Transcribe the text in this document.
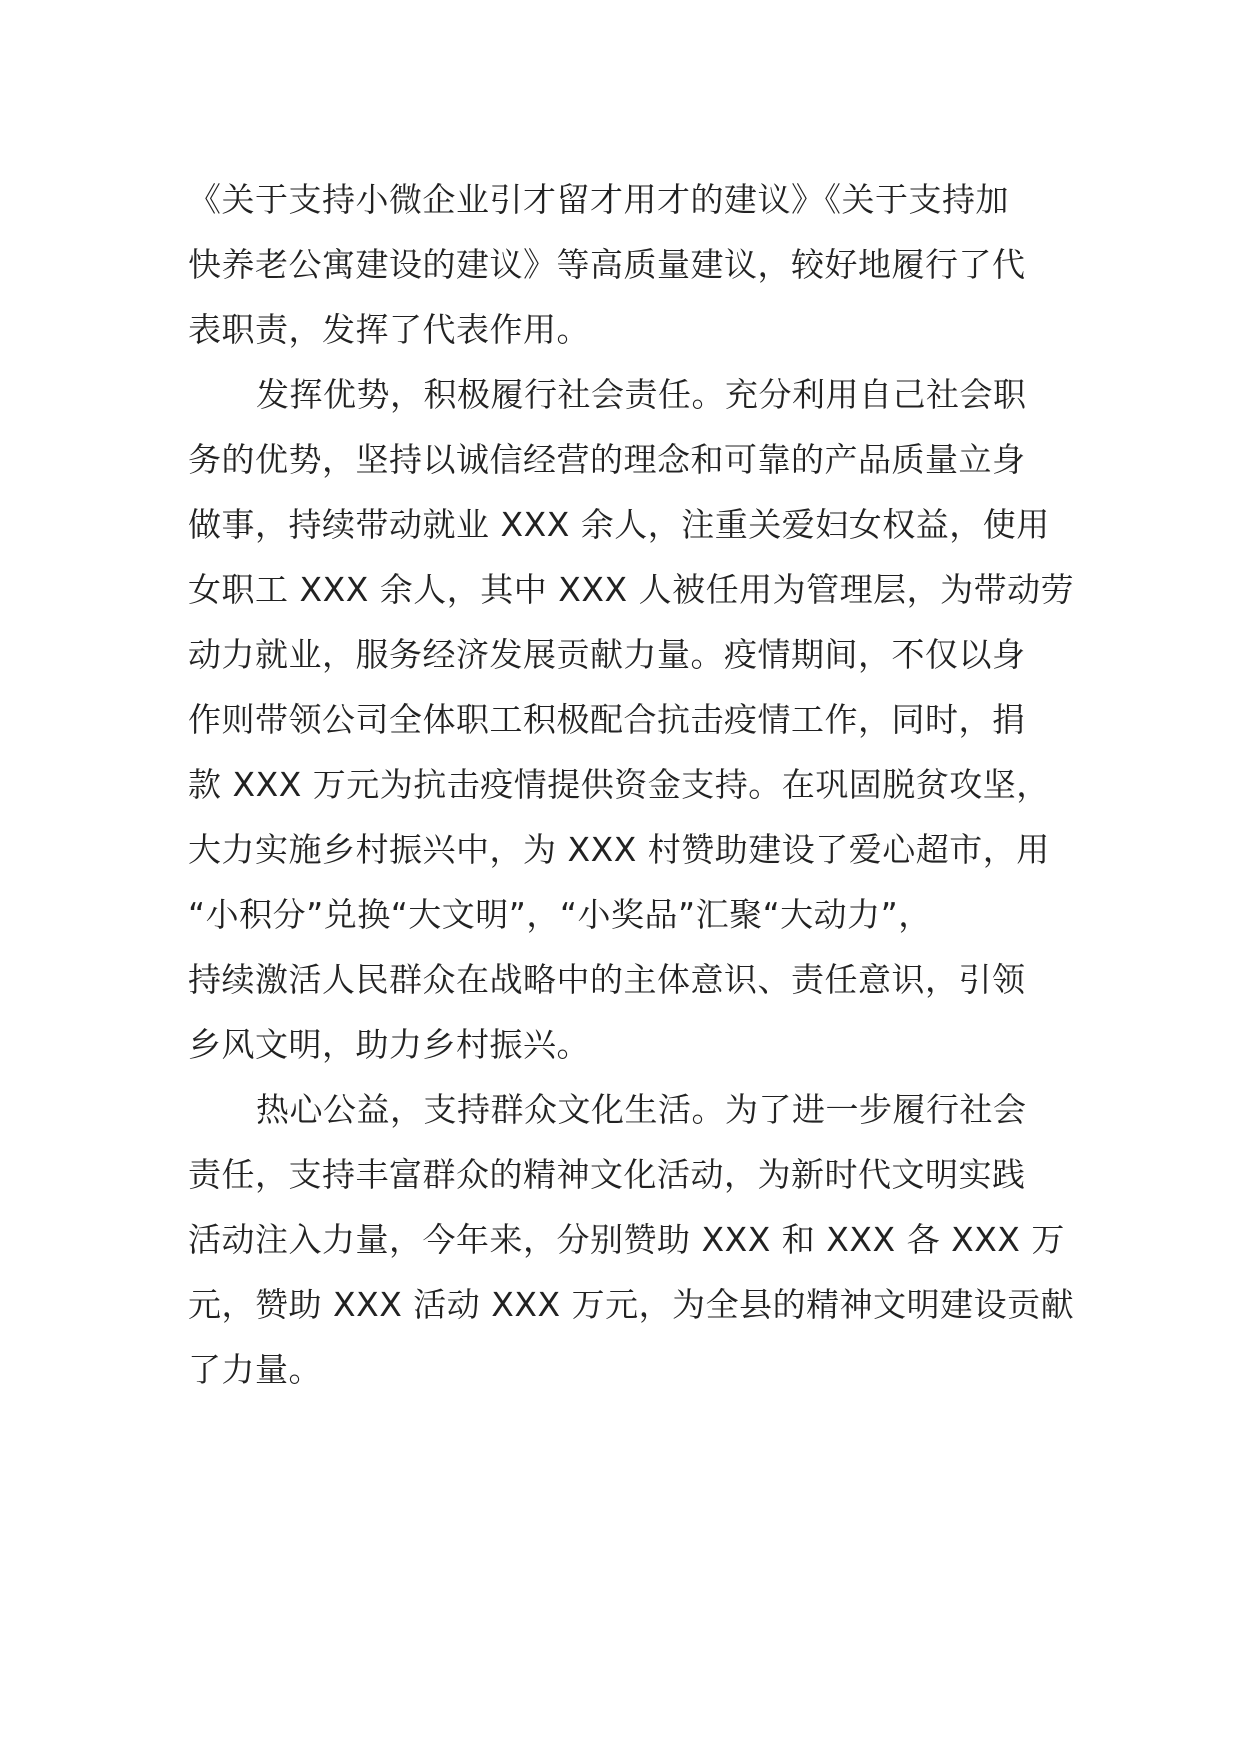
《关于支持小微企业引才留才用才的建议》《关于支持加
快养老公寓建设的建议》等高质量建议，较好地履行了代
表职责，发挥了代表作用。
发挥优势，积极履行社会责任。充分利用自己社会职
务的优势，坚持以诚信经营的理念和可靠的产品质量立身
做事，持续带动就业 XXX 余人，注重关爱妇女权益，使用
女职工 XXX 余人，其中 XXX 人被任用为管理层，为带动劳
动力就业，服务经济发展贡献力量。疫情期间，不仅以身
作则带领公司全体职工积极配合抗击疫情工作，同时，捐
款 XXX 万元为抗击疫情提供资金支持。在巩固脱贫攻坚，
大力实施乡村振兴中，为 XXX 村赞助建设了爱心超市，用
“小积分”兑换“大文明”，“小奖品”汇聚“大动力”，
持续激活人民群众在战略中的主体意识、责任意识，引领
乡风文明，助力乡村振兴。
热心公益，支持群众文化生活。为了进一步履行社会
责任，支持丰富群众的精神文化活动，为新时代文明实践
活动注入力量，今年来，分别赞助 XXX 和 XXX 各 XXX 万
元，赞助 XXX 活动 XXX 万元，为全县的精神文明建设贡献
了力量。
